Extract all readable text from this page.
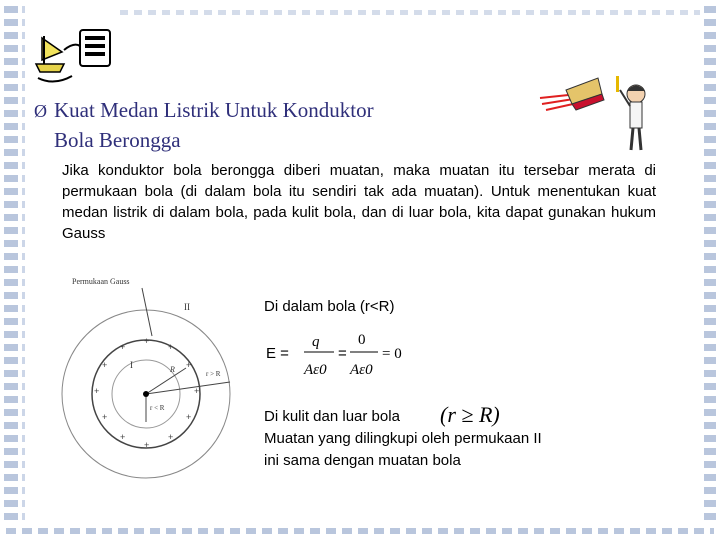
Ø Kuat Medan Listrik Untuk Konduktor
Bola Berongga
Jika konduktor bola berongga diberi muatan, maka muatan itu tersebar merata di permukaan bola (di dalam bola itu sendiri tak ada muatan). Untuk menentukan kuat medan listrik di dalam bola, pada kulit bola, dan di luar bola, kita dapat gunakan hukum Gauss
+
+
+
+
+
+
+
+
+
+
+
+
Permukaan Gauss
II
I	R	r > R
r < R
Di dalam bola (r<R)
E =
q
Aε0
=
0
Aε0
= 0
Di kulit dan luar bola (r ≥ R)
Muatan yang dilingkupi oleh permukaan II
ini sama dengan muatan bola
